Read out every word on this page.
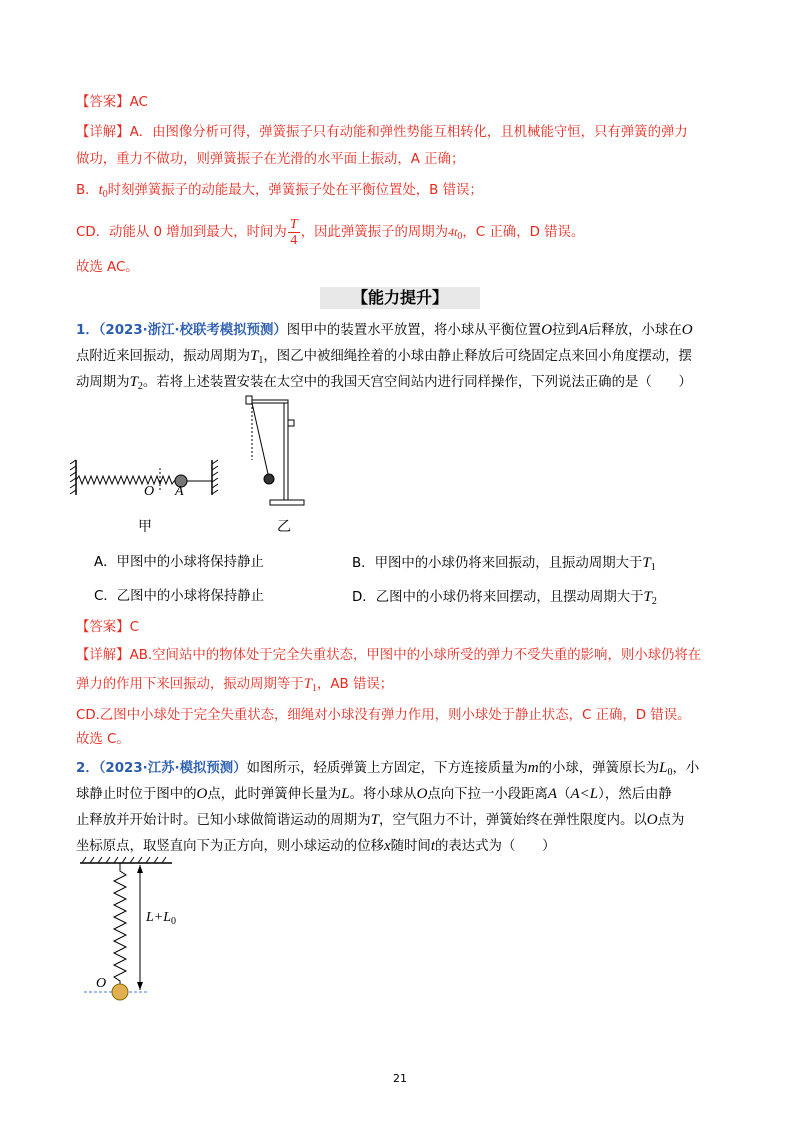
【答案】AC
【详解】A．由图像分析可得，弹簧振子只有动能和弹性势能互相转化，且机械能守恒，只有弹簧的弹力
做功，重力不做功，则弹簧振子在光滑的水平面上振动，A 正确；
B．$t_0$时刻弹簧振子的动能最大，弹簧振子处在平衡位置处，B 错误；
CD．动能从 0 增加到最大，时间为 $\frac{T}{4}$ ，因此弹簧振子的周期为$4t_0$，C 正确，D 错误。
故选 AC。
【能力提升】
1．（2023·浙江·校联考模拟预测）图甲中的装置水平放置，将小球从平衡位置O拉到A后释放，小球在O
点附近来回振动，振动周期为$T_1$，图乙中被细绳拴着的小球由静止释放后可绕固定点来回小角度摆动，摆
动周期为$T_2$。若将上述装置安装在太空中的我国天宫空间站内进行同样操作，下列说法正确的是（　　）
O A
甲	乙
A．甲图中的小球将保持静止	B．甲图中的小球仍将来回振动，且振动周期大于$T_1$
C．乙图中的小球将保持静止	D．乙图中的小球仍将来回摆动，且摆动周期大于$T_2$
【答案】C
【详解】AB.空间站中的物体处于完全失重状态，甲图中的小球所受的弹力不受失重的影响，则小球仍将在
弹力的作用下来回振动，振动周期等于$T_1$，AB 错误；
CD.乙图中小球处于完全失重状态，细绳对小球没有弹力作用，则小球处于静止状态，C 正确，D 错误。
故选 C。
2．（2023·江苏·模拟预测）如图所示，轻质弹簧上方固定，下方连接质量为m的小球，弹簧原长为$L_0$，小
球静止时位于图中的O点，此时弹簧伸长量为L。将小球从O点向下拉一小段距离A（A<L），然后由静
止释放并开始计时。已知小球做简谐运动的周期为T，空气阻力不计，弹簧始终在弹性限度内。以O点为
坐标原点，取竖直向下为正方向，则小球运动的位移x随时间t的表达式为（　　）
$L+L_0$
O
21
